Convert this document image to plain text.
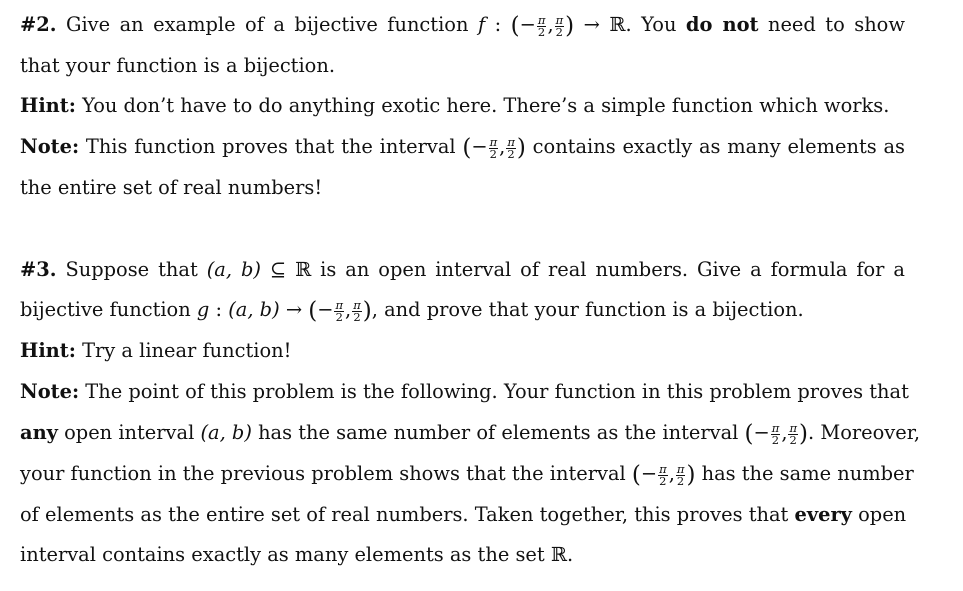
#2. Give an example of a bijective function f : (− $\frac{\pi}{2}$ , $\frac{\pi}{2}$ ) → ℝ. You do not need to show
that your function is a bijection.
Hint: You don’t have to do anything exotic here. There’s a simple function which works.
Note: This function proves that the interval (− $\frac{\pi}{2}$ , $\frac{\pi}{2}$ ) contains exactly as many elements as
the entire set of real numbers!
#3. Suppose that (a, b) ⊆ ℝ is an open interval of real numbers. Give a formula for a
bijective function g : (a, b) → (− $\frac{\pi}{2}$ , $\frac{\pi}{2}$ ), and prove that your function is a bijection.
Hint: Try a linear function!
Note: The point of this problem is the following. Your function in this problem proves that
any open interval (a, b) has the same number of elements as the interval (− $\frac{\pi}{2}$ , $\frac{\pi}{2}$ ). Moreover,
your function in the previous problem shows that the interval (− $\frac{\pi}{2}$ , $\frac{\pi}{2}$ ) has the same number
of elements as the entire set of real numbers. Taken together, this proves that every open
interval contains exactly as many elements as the set ℝ.
